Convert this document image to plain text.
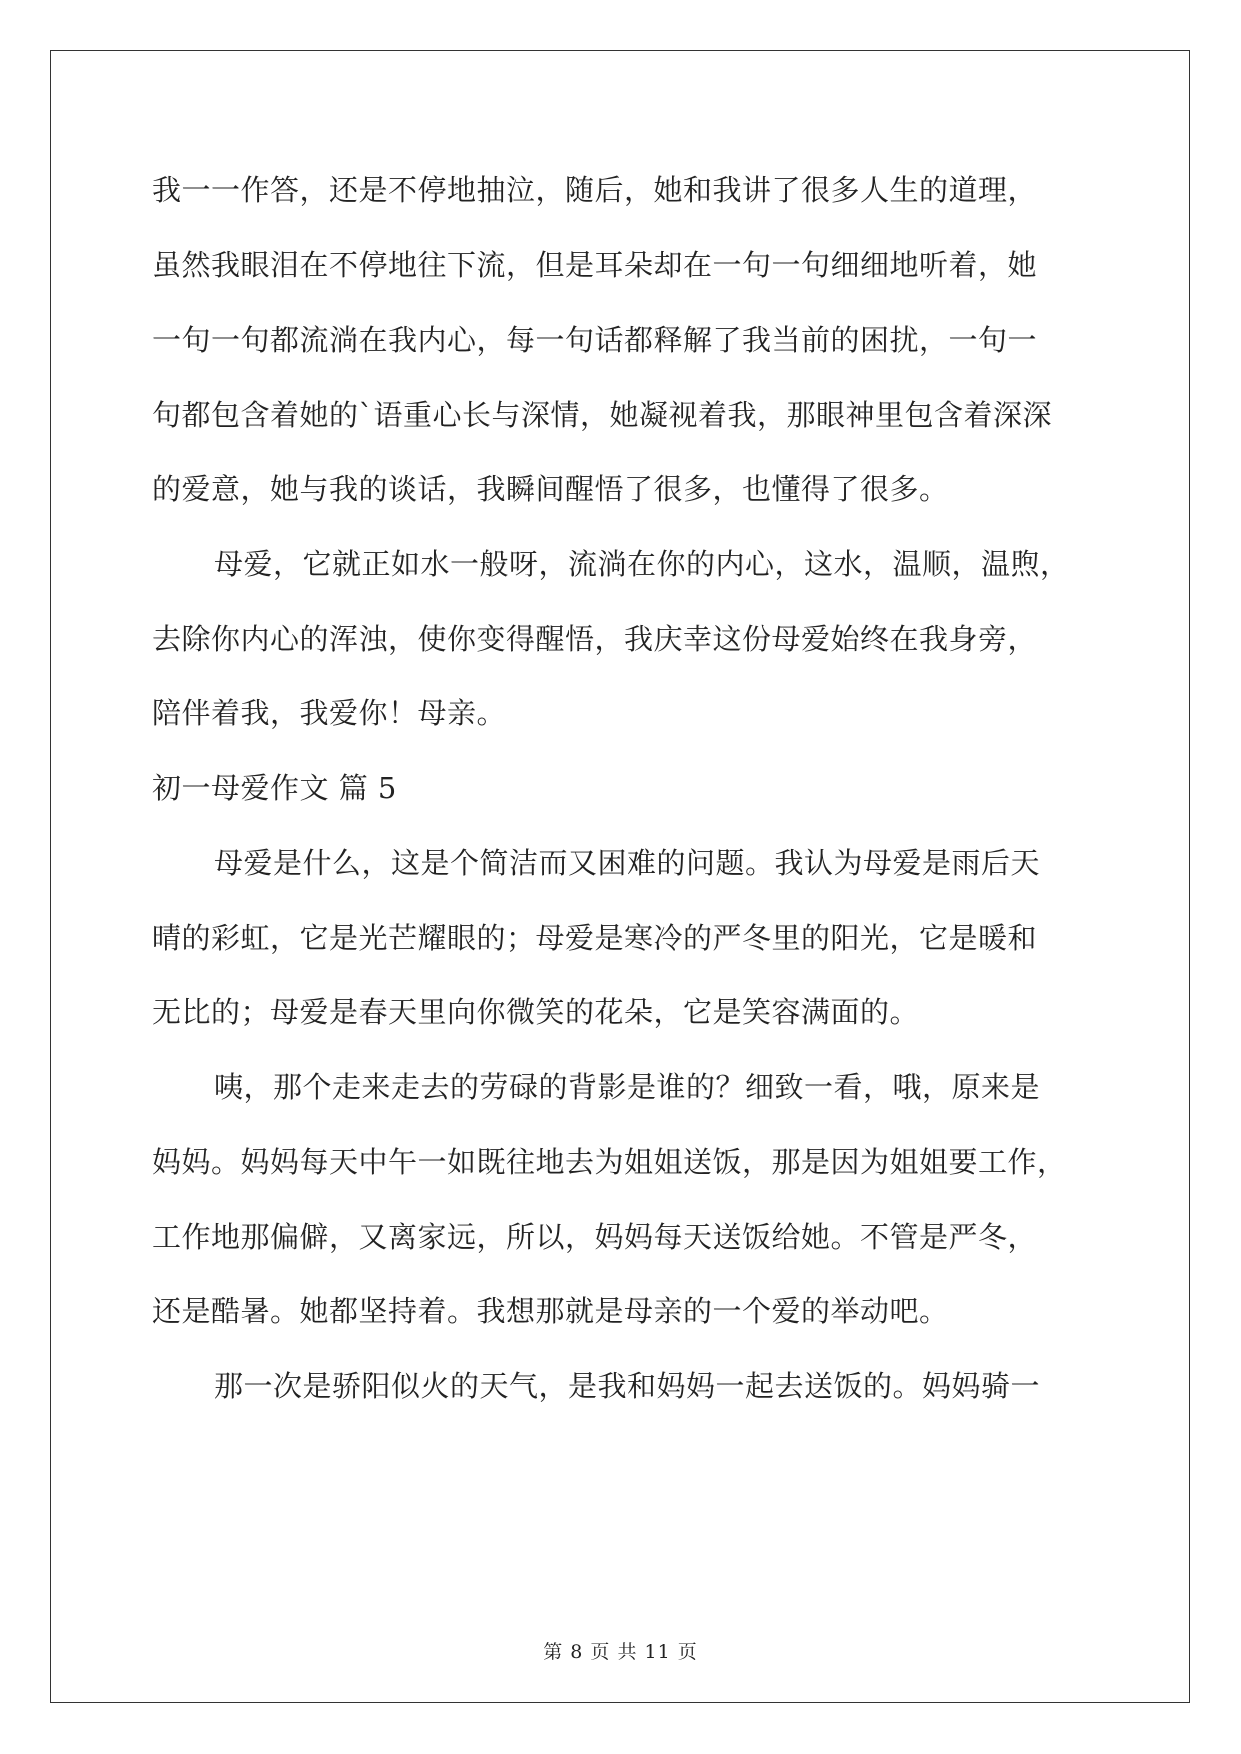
我一一作答，还是不停地抽泣，随后，她和我讲了很多人生的道理，
虽然我眼泪在不停地往下流，但是耳朵却在一句一句细细地听着，她
一句一句都流淌在我内心，每一句话都释解了我当前的困扰，一句一
句都包含着她的`语重心长与深情，她凝视着我，那眼神里包含着深深
的爱意，她与我的谈话，我瞬间醒悟了很多，也懂得了很多。
母爱，它就正如水一般呀，流淌在你的内心，这水，温顺，温煦，
去除你内心的浑浊，使你变得醒悟，我庆幸这份母爱始终在我身旁，
陪伴着我，我爱你！母亲。
初一母爱作文 篇 5
母爱是什么，这是个简洁而又困难的问题。我认为母爱是雨后天
晴的彩虹，它是光芒耀眼的；母爱是寒冷的严冬里的阳光，它是暖和
无比的；母爱是春天里向你微笑的花朵，它是笑容满面的。
咦，那个走来走去的劳碌的背影是谁的？细致一看，哦，原来是
妈妈。妈妈每天中午一如既往地去为姐姐送饭，那是因为姐姐要工作，
工作地那偏僻，又离家远，所以，妈妈每天送饭给她。不管是严冬，
还是酷暑。她都坚持着。我想那就是母亲的一个爱的举动吧。
那一次是骄阳似火的天气，是我和妈妈一起去送饭的。妈妈骑一
第 8 页 共 11 页
